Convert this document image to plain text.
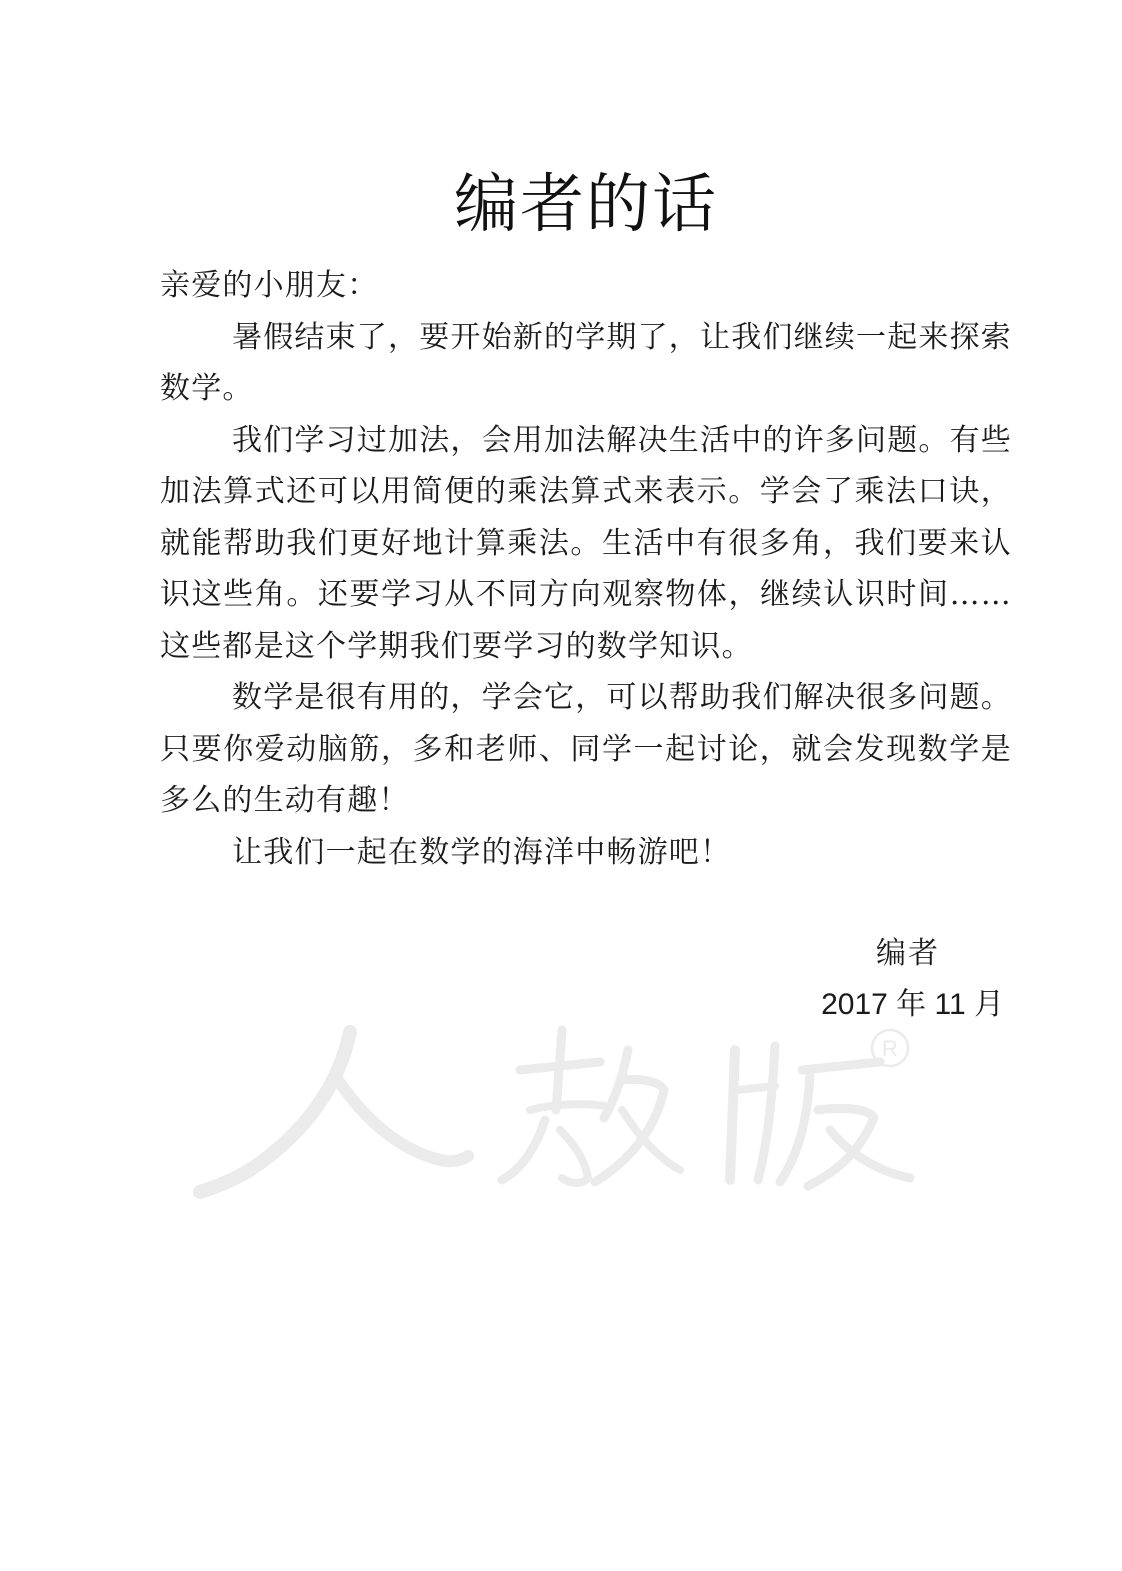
编者的话

亲爱的小朋友：

暑假结束了，要开始新的学期了，让我们继续一起来探索数学。

我们学习过加法，会用加法解决生活中的许多问题。有些加法算式还可以用简便的乘法算式来表示。学会了乘法口诀，就能帮助我们更好地计算乘法。生活中有很多角，我们要来认识这些角。还要学习从不同方向观察物体，继续认识时间……这些都是这个学期我们要学习的数学知识。

数学是很有用的，学会它，可以帮助我们解决很多问题。只要你爱动脑筋，多和老师、同学一起讨论，就会发现数学是多么的生动有趣！

让我们一起在数学的海洋中畅游吧！

编者
2017 年 11 月
R
